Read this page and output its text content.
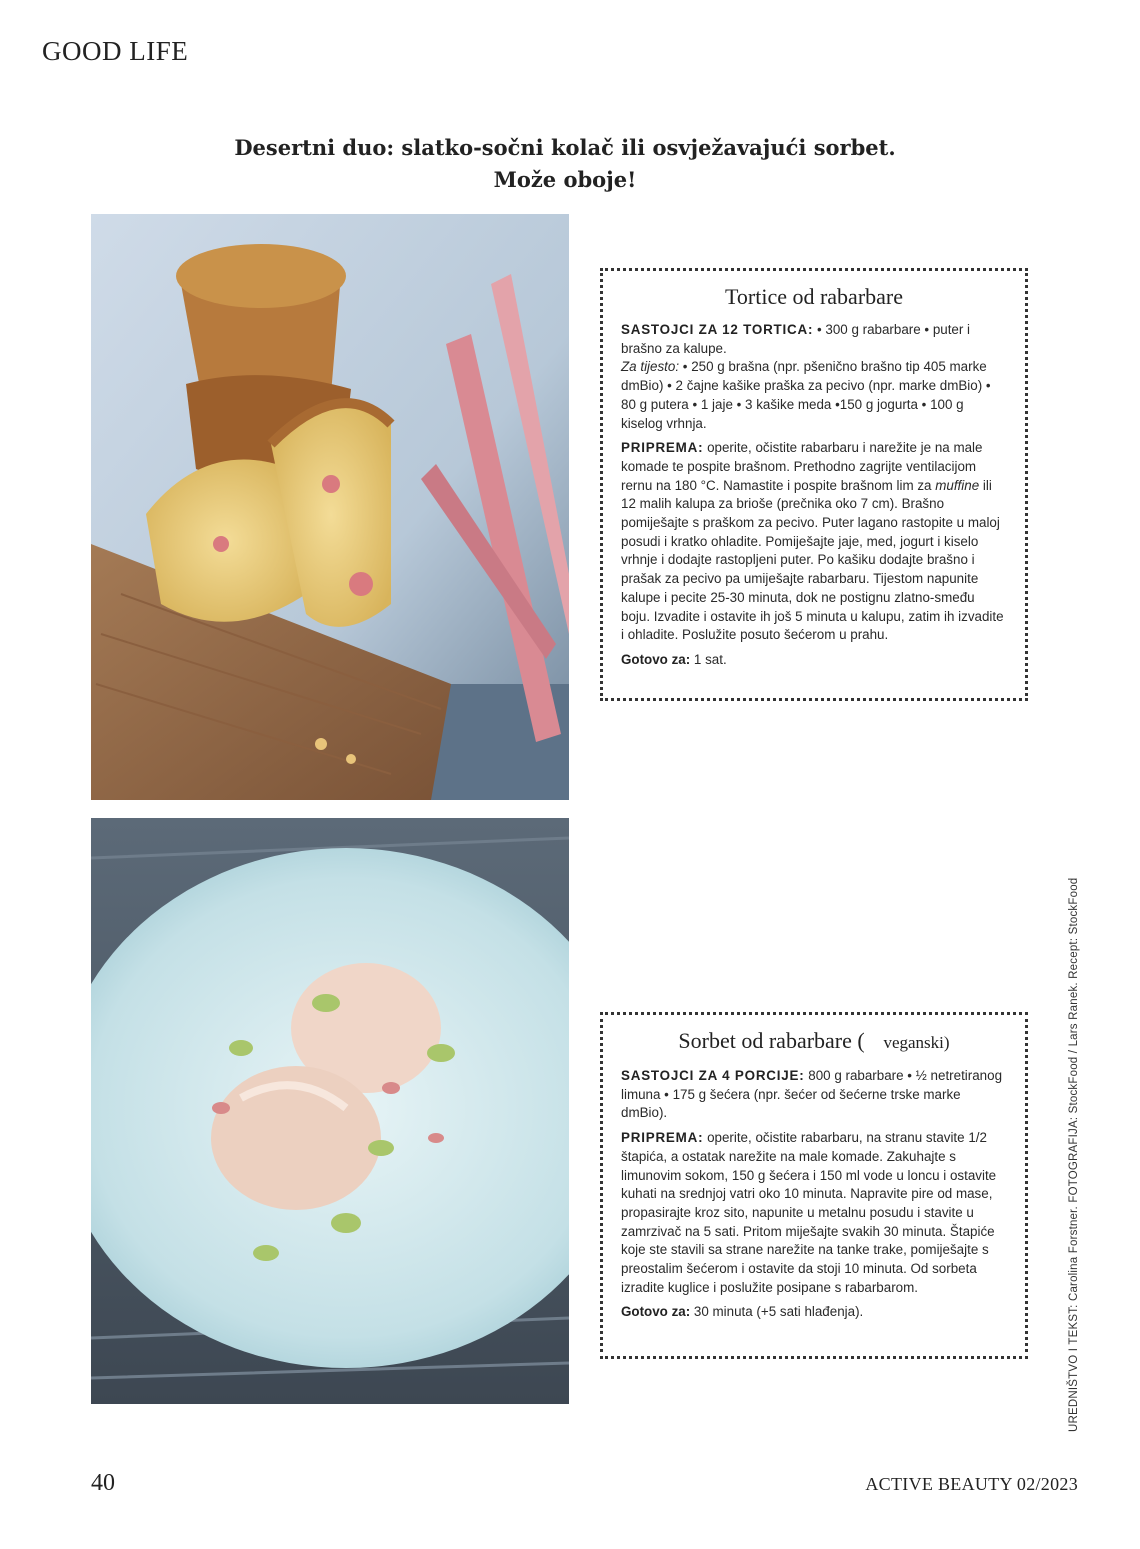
GOOD LIFE
Desertni duo: slatko-sočni kolač ili osvježavajući sorbet.
Može oboje!
Tortice od rabarbare

SASTOJCI ZA 12 TORTICA: • 300 g rabarbare • puter i brašno za kalupe.
Za tijesto: • 250 g brašna (npr. pšenično brašno tip 405 marke dmBio) • 2 čajne kašike praška za pecivo (npr. marke dmBio) • 80 g putera • 1 jaje • 3 kašike meda •150 g jogurta • 100 g kiselog vrhnja.

PRIPREMA: operite, očistite rabarbaru i narežite je na male komade te pospite brašnom. Prethodno zagrijte ventilacijom rernu na 180 °C. Namastite i pospite brašnom lim za muffine ili 12 malih kalupa za brioše (prečnika oko 7 cm). Brašno pomiješajte s praškom za pecivo. Puter lagano rastopite u maloj posudi i kratko ohladite. Pomiješajte jaje, med, jogurt i kiselo vrhnje i dodajte rastopljeni puter. Po kašiku dodajte brašno i prašak za pecivo pa umiješajte rabarbaru. Tijestom napunite kalupe i pecite 25-30 minuta, dok ne postignu zlatno-smeđu boju. Izvadite i ostavite ih još 5 minuta u kalupu, zatim ih izvadite i ohladite. Poslužite posuto šećerom u prahu.

Gotovo za: 1 sat.

Sorbet od rabarbare ( veganski)

SASTOJCI ZA 4 PORCIJE: 800 g rabarbare • ½ netretiranog limuna • 175 g šećera (npr. šećer od šećerne trske marke dmBio).

PRIPREMA: operite, očistite rabarbaru, na stranu stavite 1/2 štapića, a ostatak narežite na male komade. Zakuhajte s limunovim sokom, 150 g šećera i 150 ml vode u loncu i ostavite kuhati na srednjoj vatri oko 10 minuta. Napravite pire od mase, propasirajte kroz sito, napunite u metalnu posudu i stavite u zamrzivač na 5 sati. Pritom miješajte svakih 30 minuta. Štapiće koje ste stavili sa strane narežite na tanke trake, pomiješajte s preostalim šećerom i ostavite da stoji 10 minuta. Od sorbeta izradite kuglice i poslužite posipane s rabarbarom.

Gotovo za: 30 minuta (+5 sati hlađenja).	UREDNIŠTVO I TEKST: Carolina Forstner. FOTOGRAFIJA: StockFood / Lars Ranek. Recept: StockFood
40	ACTIVE BEAUTY 02/2023
